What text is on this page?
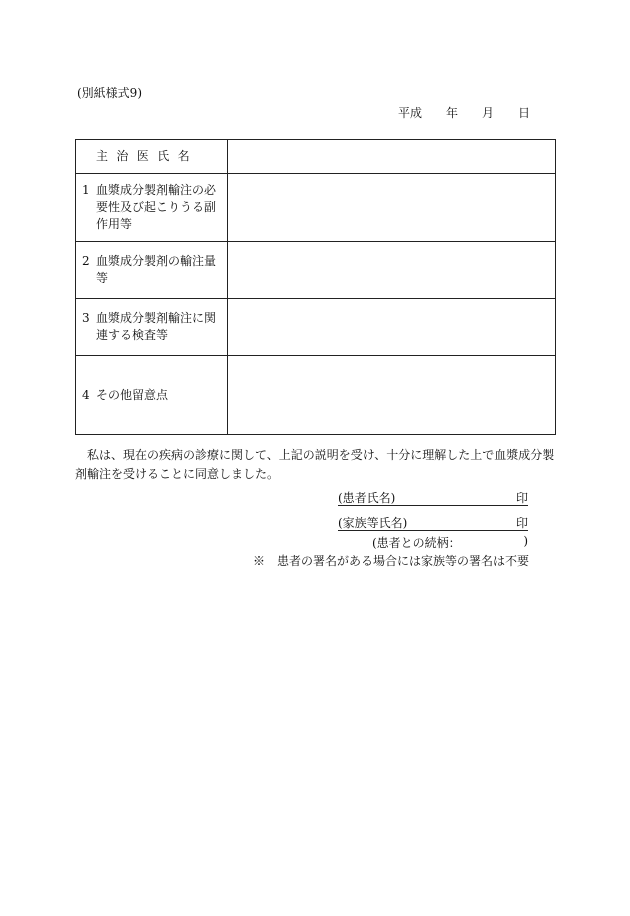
(別紙様式9)
平成　　年　　月　　日
主治医氏名	

1 血漿成分製剤輸注の必要性及び起こりうる副作用等	

2 血漿成分製剤の輸注量等	

3 血漿成分製剤輸注に関連する検査等	

4 その他留意点	

私は、現在の疾病の診療に関して、上記の説明を受け、十分に理解した上で血漿成分製剤輸注を受けることに同意しました。
(患者氏名)	印
(家族等氏名)	印
(患者との続柄：	)
※　患者の署名がある場合には家族等の署名は不要
